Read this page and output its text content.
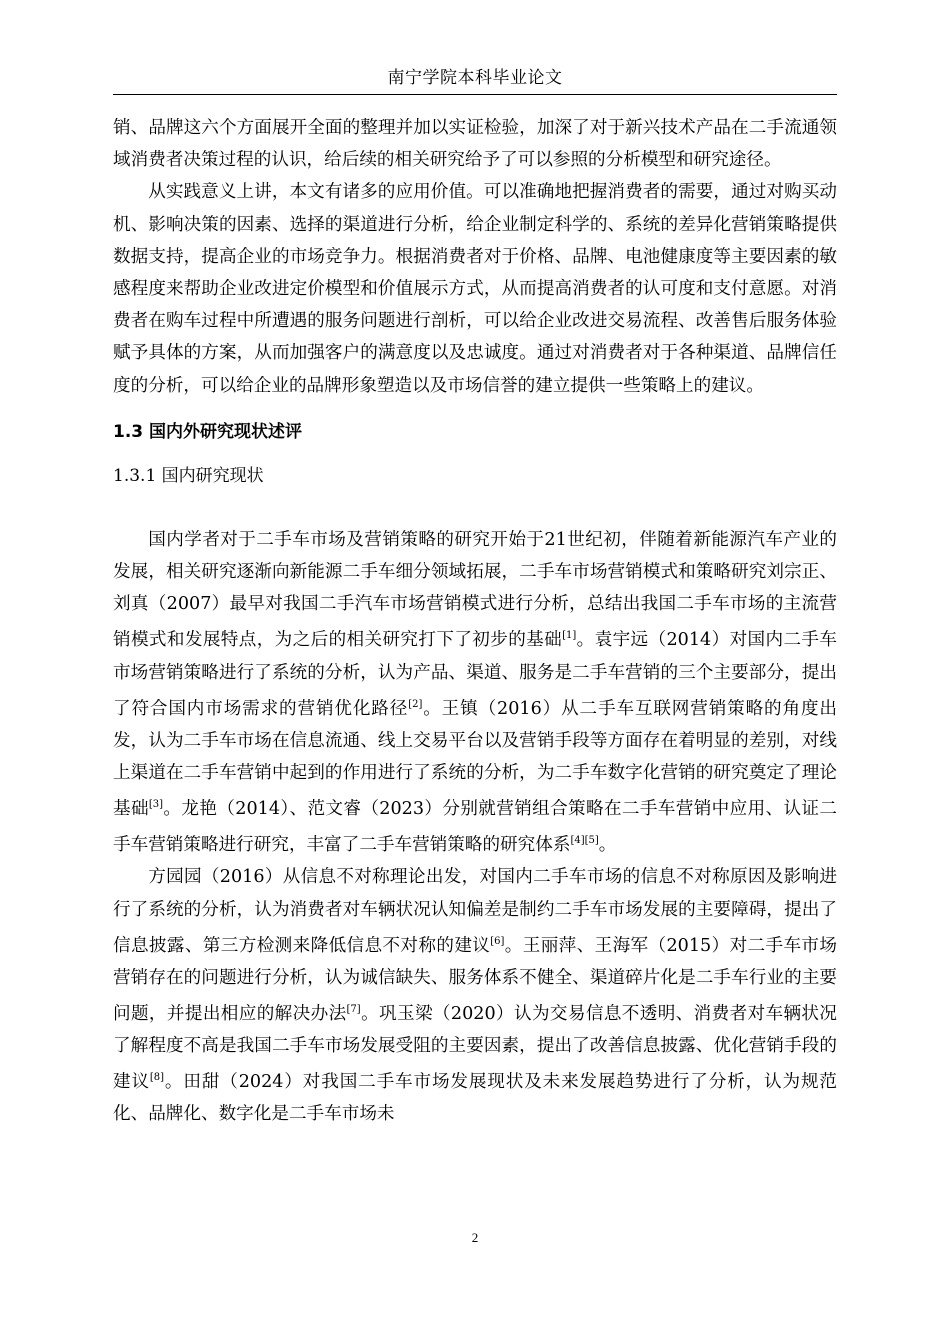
南宁学院本科毕业论文

销、品牌这六个方面展开全面的整理并加以实证检验，加深了对于新兴技术产品在二手流通领域消费者决策过程的认识，给后续的相关研究给予了可以参照的分析模型和研究途径。

从实践意义上讲，本文有诸多的应用价值。可以准确地把握消费者的需要，通过对购买动机、影响决策的因素、选择的渠道进行分析，给企业制定科学的、系统的差异化营销策略提供数据支持，提高企业的市场竞争力。根据消费者对于价格、品牌、电池健康度等主要因素的敏感程度来帮助企业改进定价模型和价值展示方式，从而提高消费者的认可度和支付意愿。对消费者在购车过程中所遭遇的服务问题进行剖析，可以给企业改进交易流程、改善售后服务体验赋予具体的方案，从而加强客户的满意度以及忠诚度。通过对消费者对于各种渠道、品牌信任度的分析，可以给企业的品牌形象塑造以及市场信誉的建立提供一些策略上的建议。

1.3 国内外研究现状述评
1.3.1 国内研究现状

国内学者对于二手车市场及营销策略的研究开始于21世纪初，伴随着新能源汽车产业的发展，相关研究逐渐向新能源二手车细分领域拓展，二手车市场营销模式和策略研究刘宗正、刘真（2007）最早对我国二手汽车市场营销模式进行分析，总结出我国二手车市场的主流营销模式和发展特点，为之后的相关研究打下了初步的基础[1]。袁宇远（2014）对国内二手车市场营销策略进行了系统的分析，认为产品、渠道、服务是二手车营销的三个主要部分，提出了符合国内市场需求的营销优化路径[2]。王镇（2016）从二手车互联网营销策略的角度出发，认为二手车市场在信息流通、线上交易平台以及营销手段等方面存在着明显的差别，对线上渠道在二手车营销中起到的作用进行了系统的分析，为二手车数字化营销的研究奠定了理论基础[3]。龙艳（2014）、范文睿（2023）分别就营销组合策略在二手车营销中应用、认证二手车营销策略进行研究，丰富了二手车营销策略的研究体系[4][5]。

方园园（2016）从信息不对称理论出发，对国内二手车市场的信息不对称原因及影响进行了系统的分析，认为消费者对车辆状况认知偏差是制约二手车市场发展的主要障碍，提出了信息披露、第三方检测来降低信息不对称的建议[6]。王丽萍、王海军（2015）对二手车市场营销存在的问题进行分析，认为诚信缺失、服务体系不健全、渠道碎片化是二手车行业的主要问题，并提出相应的解决办法[7]。巩玉梁（2020）认为交易信息不透明、消费者对车辆状况了解程度不高是我国二手车市场发展受阻的主要因素，提出了改善信息披露、优化营销手段的建议[8]。田甜（2024）对我国二手车市场发展现状及未来发展趋势进行了分析，认为规范化、品牌化、数字化是二手车市场未

2
